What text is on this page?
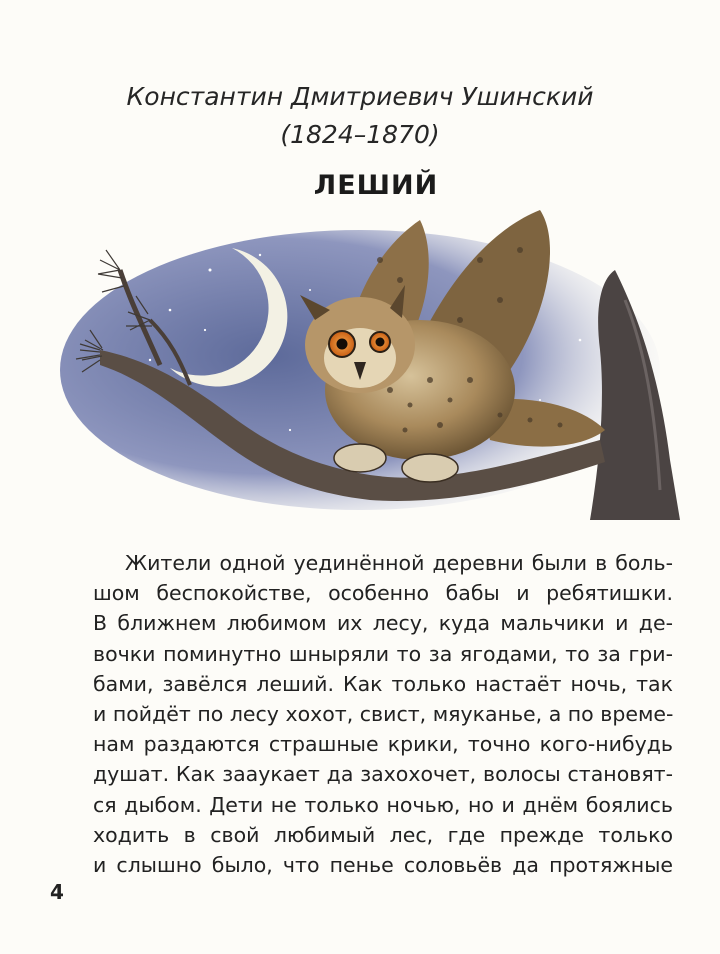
Константин Дмитриевич Ушинский
(1824–1870)
ЛЕШИЙ
Жители одной уединённой деревни были в боль-
шом беспокойстве, особенно бабы и ребятишки.
В ближнем любимом их лесу, куда мальчики и де-
вочки поминутно шныряли то за ягодами, то за гри-
бами, завёлся леший. Как только настаёт ночь, так
и пойдёт по лесу хохот, свист, мяуканье, а по време-
нам раздаются страшные крики, точно кого-нибудь
душат. Как зааукает да захохочет, волосы становят-
ся дыбом. Дети не только ночью, но и днём боялись
ходить в свой любимый лес, где прежде только
и слышно было, что пенье соловьёв да протяжные
4
